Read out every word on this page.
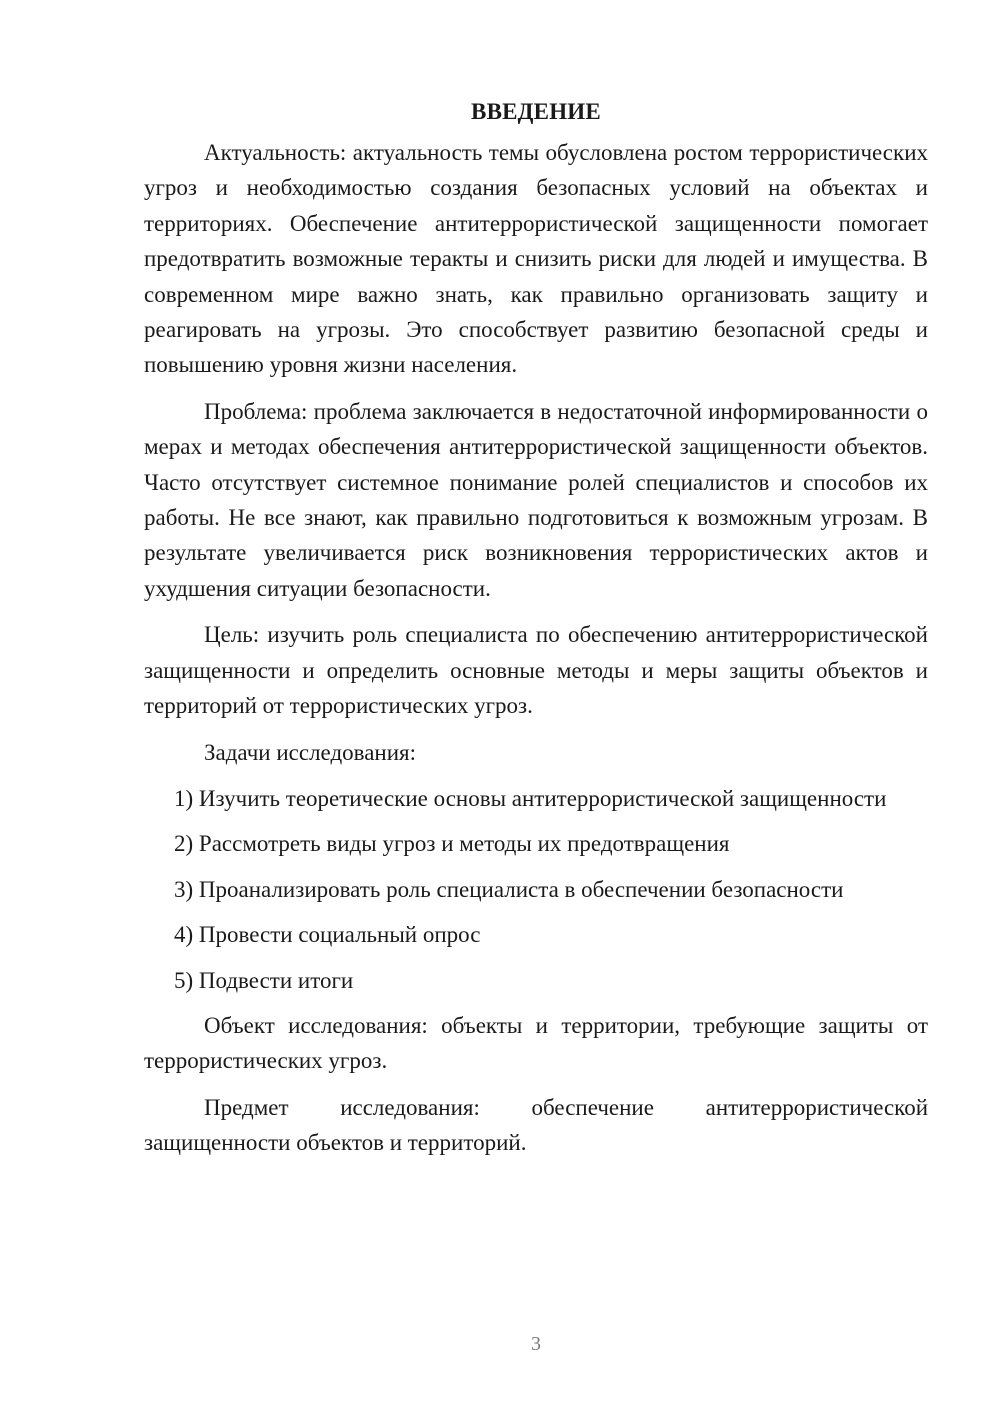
ВВЕДЕНИЕ

Актуальность: актуальность темы обусловлена ростом террористических угроз и необходимостью создания безопасных условий на объектах и территориях. Обеспечение антитеррористической защищенности помогает предотвратить возможные теракты и снизить риски для людей и имущества. В современном мире важно знать, как правильно организовать защиту и реагировать на угрозы. Это способствует развитию безопасной среды и повышению уровня жизни населения.

Проблема: проблема заключается в недостаточной информированности о мерах и методах обеспечения антитеррористической защищенности объектов. Часто отсутствует системное понимание ролей специалистов и способов их работы. Не все знают, как правильно подготовиться к возможным угрозам. В результате увеличивается риск возникновения террористических актов и ухудшения ситуации безопасности.

Цель: изучить роль специалиста по обеспечению антитеррористической защищенности и определить основные методы и меры защиты объектов и территорий от террористических угроз.

Задачи исследования:

1) Изучить теоретические основы антитеррористической защищенности

2) Рассмотреть виды угроз и методы их предотвращения

3) Проанализировать роль специалиста в обеспечении безопасности

4) Провести социальный опрос

5) Подвести итоги

Объект исследования: объекты и территории, требующие защиты от террористических угроз.

Предмет исследования: обеспечение антитеррористической защищенности объектов и территорий.

3
